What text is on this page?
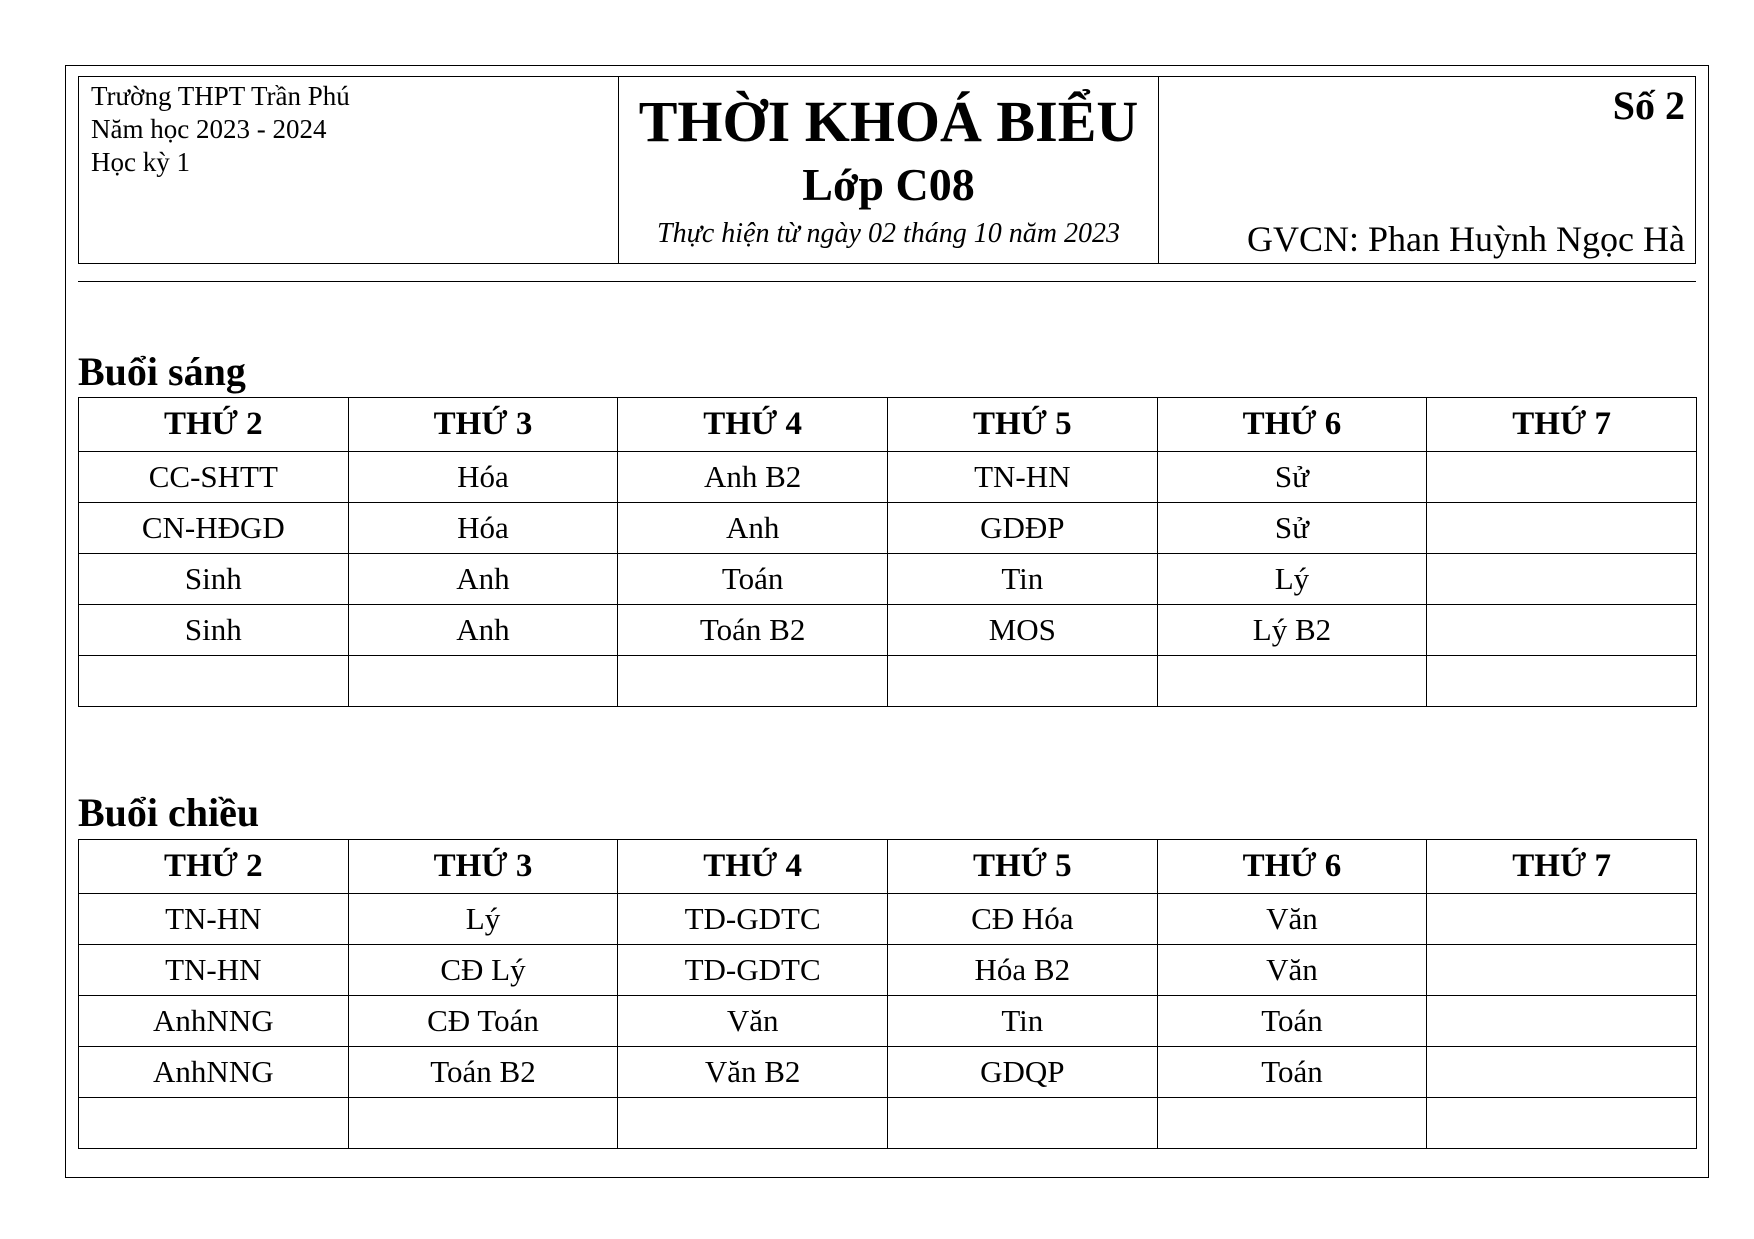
Trường THPT Trần Phú
Năm học 2023 - 2024
Học kỳ 1
THỜI KHOÁ BIỂU
Lớp C08
Thực hiện từ ngày 02 tháng 10 năm 2023
Số 2
GVCN: Phan Huỳnh Ngọc Hà
Buổi sáng
THỨ 2	THỨ 3	THỨ 4	THỨ 5	THỨ 6	THỨ 7
CC-SHTT	Hóa	Anh B2	TN-HN	Sử	
CN-HĐGD	Hóa	Anh	GDĐP	Sử	
Sinh	Anh	Toán	Tin	Lý	
Sinh	Anh	Toán B2	MOS	Lý B2	

Buổi chiều
THỨ 2	THỨ 3	THỨ 4	THỨ 5	THỨ 6	THỨ 7
TN-HN	Lý	TD-GDTC	CĐ Hóa	Văn	
TN-HN	CĐ Lý	TD-GDTC	Hóa B2	Văn	
AnhNNG	CĐ Toán	Văn	Tin	Toán	
AnhNNG	Toán B2	Văn B2	GDQP	Toán	
